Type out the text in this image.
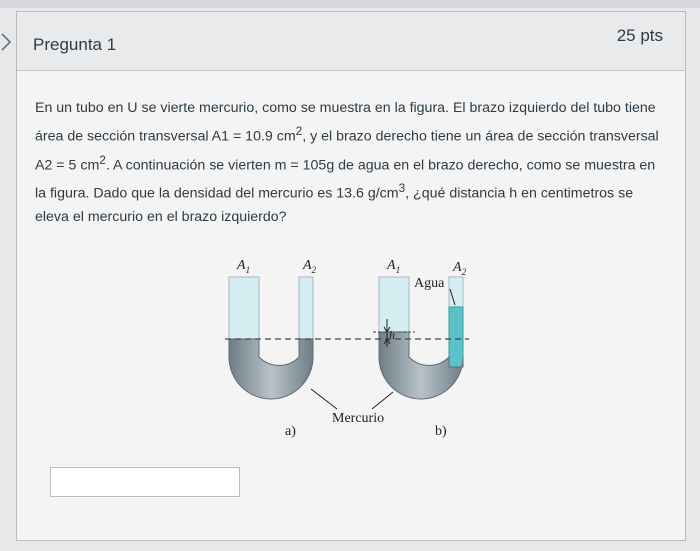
Pregunta 1	25 pts

En un tubo en U se vierte mercurio, como se muestra en la figura. El brazo izquierdo del tubo tiene área de sección transversal A1 = 10.9 $cm^2$, y el brazo derecho tiene un área de sección transversal A2 = 5 $cm^2$. A continuación se vierten m = 105g de agua en el brazo derecho, como se muestra en la figura. Dado que la densidad del mercurio es 13.6 $g/cm^3$, ¿qué distancia h en centimetros se eleva el mercurio en el brazo izquierdo?

h
$A_1$	$A_2$	$A_1$	$A_2$
Agua
Mercurio
a)	b)
